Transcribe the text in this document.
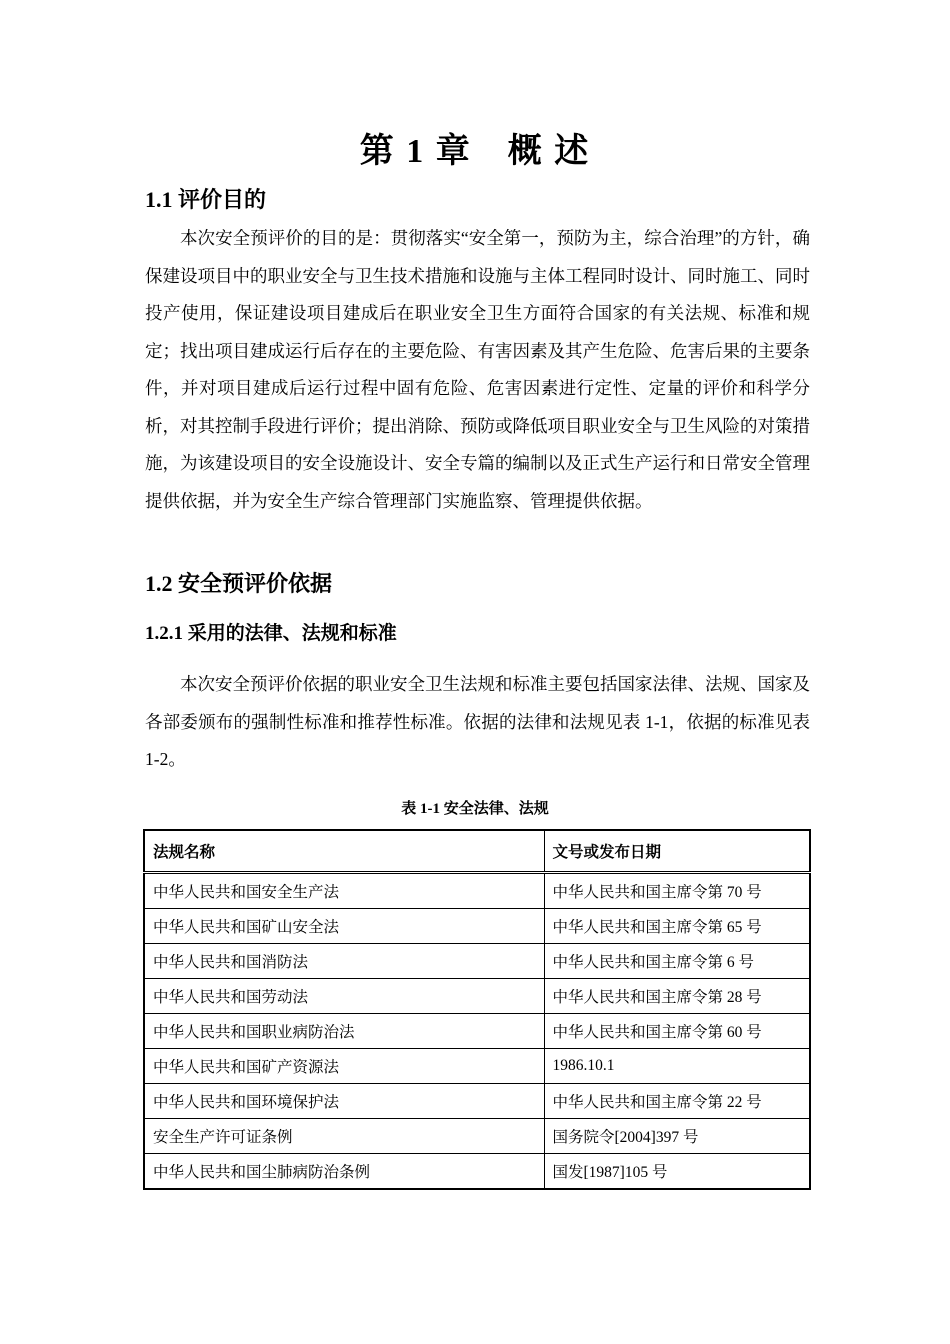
第 1 章　概 述
1.1 评价目的

本次安全预评价的目的是：贯彻落实“安全第一，预防为主，综合治理”的方针，确保建设项目中的职业安全与卫生技术措施和设施与主体工程同时设计、同时施工、同时投产使用，保证建设项目建成后在职业安全卫生方面符合国家的有关法规、标准和规定；找出项目建成运行后存在的主要危险、有害因素及其产生危险、危害后果的主要条件，并对项目建成后运行过程中固有危险、危害因素进行定性、定量的评价和科学分析，对其控制手段进行评价；提出消除、预防或降低项目职业安全与卫生风险的对策措施，为该建设项目的安全设施设计、安全专篇的编制以及正式生产运行和日常安全管理提供依据，并为安全生产综合管理部门实施监察、管理提供依据。

1.2 安全预评价依据
1.2.1 采用的法律、法规和标准

本次安全预评价依据的职业安全卫生法规和标准主要包括国家法律、法规、国家及各部委颁布的强制性标准和推荐性标准。依据的法律和法规见表 1-1，依据的标准见表 1-2。

表 1-1 安全法律、法规

法规名称	文号或发布日期
中华人民共和国安全生产法	中华人民共和国主席令第 70 号
中华人民共和国矿山安全法	中华人民共和国主席令第 65 号
中华人民共和国消防法	中华人民共和国主席令第 6 号
中华人民共和国劳动法	中华人民共和国主席令第 28 号
中华人民共和国职业病防治法	中华人民共和国主席令第 60 号
中华人民共和国矿产资源法	1986.10.1
中华人民共和国环境保护法	中华人民共和国主席令第 22 号
安全生产许可证条例	国务院令[2004]397 号
中华人民共和国尘肺病防治条例	国发[1987]105 号
